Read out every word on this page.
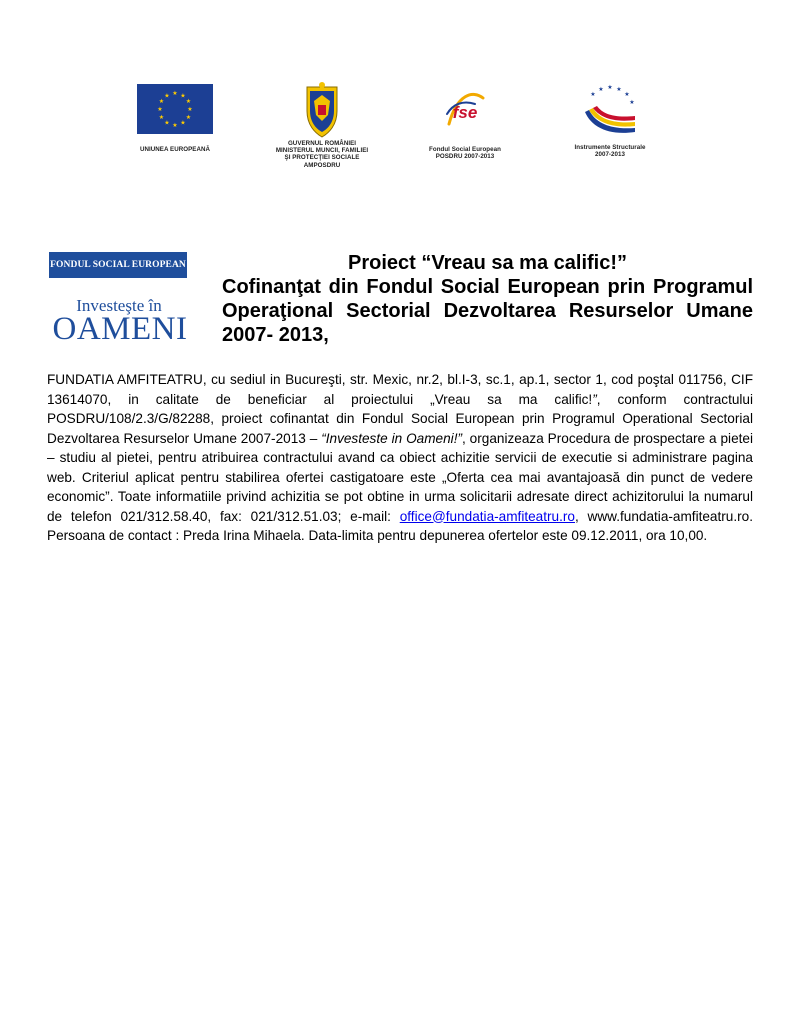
★ ★
★
★
★
★
★
★
★
★
★
★
UNIUNEA EUROPEANĂ
GUVERNUL ROMÂNIEI
MINISTERUL MUNCII, FAMILIEI
ŞI PROTECŢIEI SOCIALE
AMPOSDRU
fse
Fondul Social European
POSDRU 2007-2013
★
★ ★ ★
★
★
Instrumente Structurale
2007-2013
FONDUL SOCIAL EUROPEAN
Investeşte în
OAMENI
Proiect “Vreau sa ma calific!”
Cofinanţat din Fondul Social European prin Programul Operaţional Sectorial Dezvoltarea Resurselor Umane 2007- 2013,
FUNDATIA AMFITEATRU, cu sediul in Bucureşti, str. Mexic, nr.2, bl.I-3, sc.1, ap.1, sector 1, cod poştal 011756, CIF 13614070, in calitate de beneficiar al proiectului „Vreau sa ma calific!”, conform contractului POSDRU/108/2.3/G/82288, proiect cofinantat din Fondul Social European prin Programul Operational Sectorial Dezvoltarea Resurselor Umane 2007-2013 – “Investeste in Oameni!”, organizeaza Procedura de prospectare a pietei – studiu al pietei, pentru atribuirea contractului avand ca obiect achizitie servicii de executie si administrare pagina web. Criteriul aplicat pentru stabilirea ofertei castigatoare este „Oferta cea mai avantajoasă din punct de vedere economic”. Toate informatiile privind achizitia se pot obtine in urma solicitarii adresate direct achizitorului la numarul de telefon 021/312.58.40, fax: 021/312.51.03; e-mail: office@fundatia-amfiteatru.ro, www.fundatia-amfiteatru.ro. Persoana de contact : Preda Irina Mihaela. Data-limita pentru depunerea ofertelor este 09.12.2011, ora 10,00.
